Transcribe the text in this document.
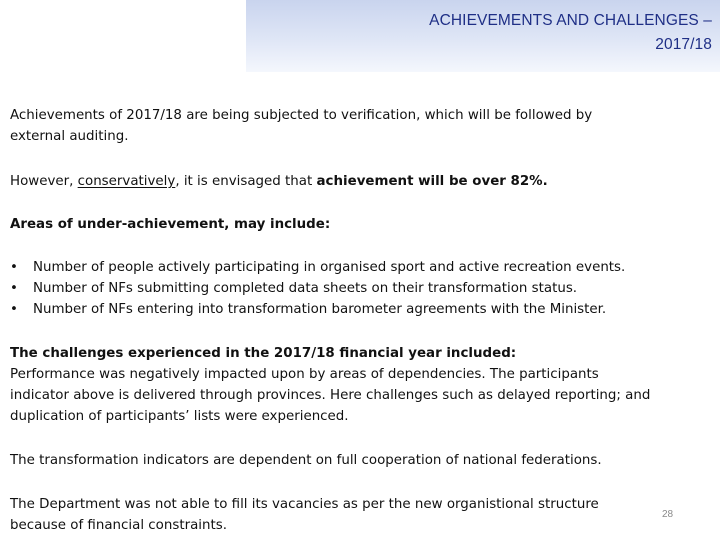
ACHIEVEMENTS AND CHALLENGES –
2017/18
Achievements of 2017/18 are being subjected to verification, which will be followed by
external auditing.
However, conservatively, it is envisaged that achievement will be over 82%.
Areas of under-achievement, may include:
• Number of people actively participating in organised sport and active recreation events.
• Number of NFs submitting completed data sheets on their transformation status.
• Number of NFs entering into transformation barometer agreements with the Minister.
The challenges experienced in the 2017/18 financial year included:
Performance was negatively impacted upon by areas of dependencies. The participants
indicator above is delivered through provinces. Here challenges such as delayed reporting; and
duplication of participants’ lists were experienced.
The transformation indicators are dependent on full cooperation of national federations.
The Department was not able to fill its vacancies as per the new organistional structure
because of financial constraints.
28
